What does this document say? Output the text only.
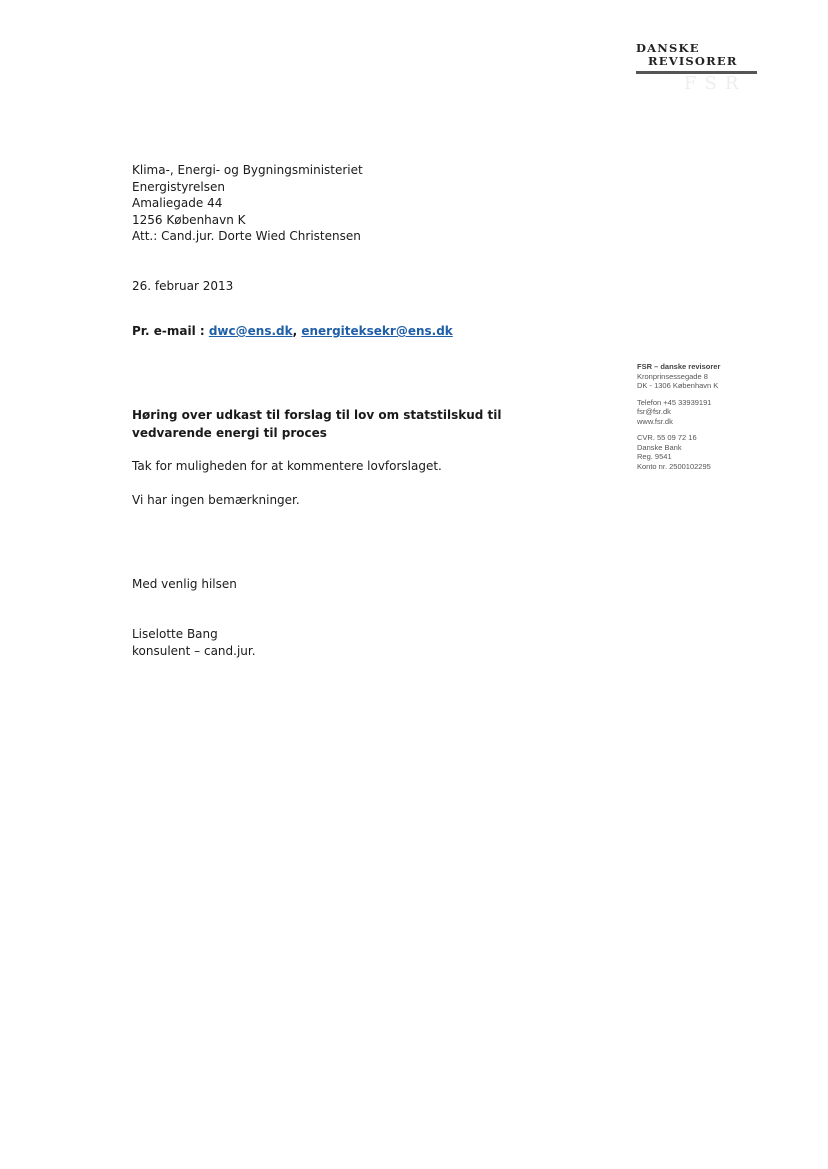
DANSKE
REVISORER
FSR
Klima-, Energi- og Bygningsministeriet
Energistyrelsen
Amaliegade 44
1256 København K
Att.: Cand.jur. Dorte Wied Christensen
26. februar 2013
Pr. e-mail : dwc@ens.dk, energiteksekr@ens.dk
Høring over udkast til forslag til lov om statstilskud til vedvarende energi til proces
Tak for muligheden for at kommentere lovforslaget.
Vi har ingen bemærkninger.
Med venlig hilsen
Liselotte Bang
konsulent – cand.jur.
FSR – danske revisorer
Kronprinsessegade 8
DK - 1306 København K
Telefon +45 33939191
fsr@fsr.dk
www.fsr.dk
CVR. 55 09 72 16
Danske Bank
Reg. 9541
Konto nr. 2500102295
